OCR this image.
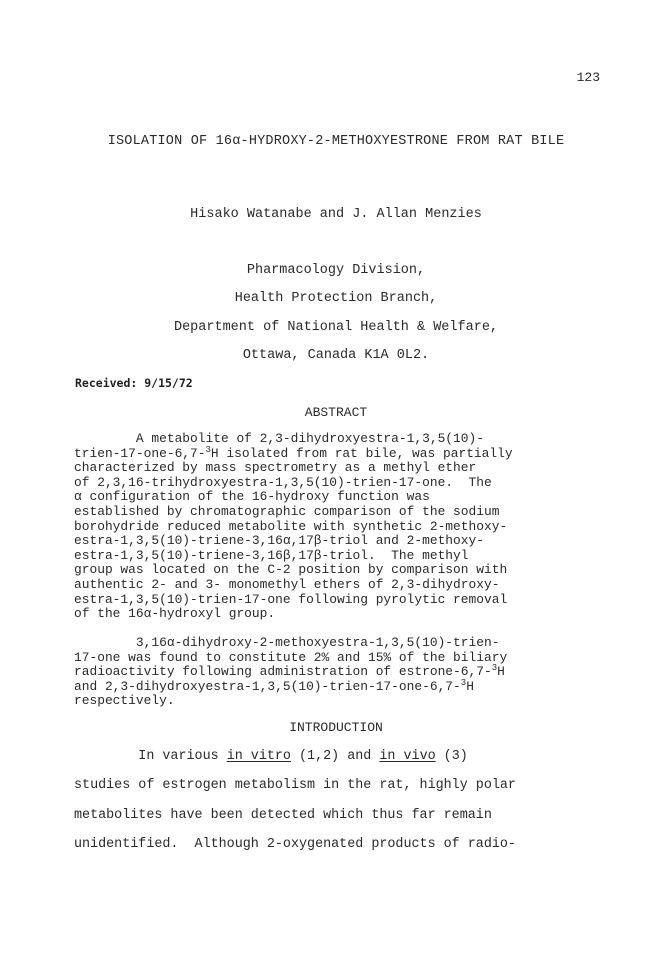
123
ISOLATION OF 16α-HYDROXY-2-METHOXYESTRONE FROM RAT BILE
Hisako Watanabe and J. Allan Menzies
Pharmacology Division,
Health Protection Branch,
Department of National Health & Welfare,
Ottawa, Canada K1A 0L2.
Received: 9/15/72
ABSTRACT
A metabolite of 2,3-dihydroxyestra-1,3,5(10)-
trien-17-one-6,7-$^3$H isolated from rat bile, was partially
characterized by mass spectrometry as a methyl ether
of 2,3,16-trihydroxyestra-1,3,5(10)-trien-17-one.  The
α configuration of the 16-hydroxy function was
established by chromatographic comparison of the sodium
borohydride reduced metabolite with synthetic 2-methoxy-
estra-1,3,5(10)-triene-3,16α,17β-triol and 2-methoxy-
estra-1,3,5(10)-triene-3,16β,17β-triol.  The methyl
group was located on the C-2 position by comparison with
authentic 2- and 3- monomethyl ethers of 2,3-dihydroxy-
estra-1,3,5(10)-trien-17-one following pyrolytic removal
of the 16α-hydroxyl group.
3,16α-dihydroxy-2-methoxyestra-1,3,5(10)-trien-
17-one was found to constitute 2% and 15% of the biliary
radioactivity following administration of estrone-6,7-$^3$H
and 2,3-dihydroxyestra-1,3,5(10)-trien-17-one-6,7-$^3$H
respectively.
INTRODUCTION
In various in vitro (1,2) and in vivo (3)
studies of estrogen metabolism in the rat, highly polar
metabolites have been detected which thus far remain
unidentified.  Although 2-oxygenated products of radio-
